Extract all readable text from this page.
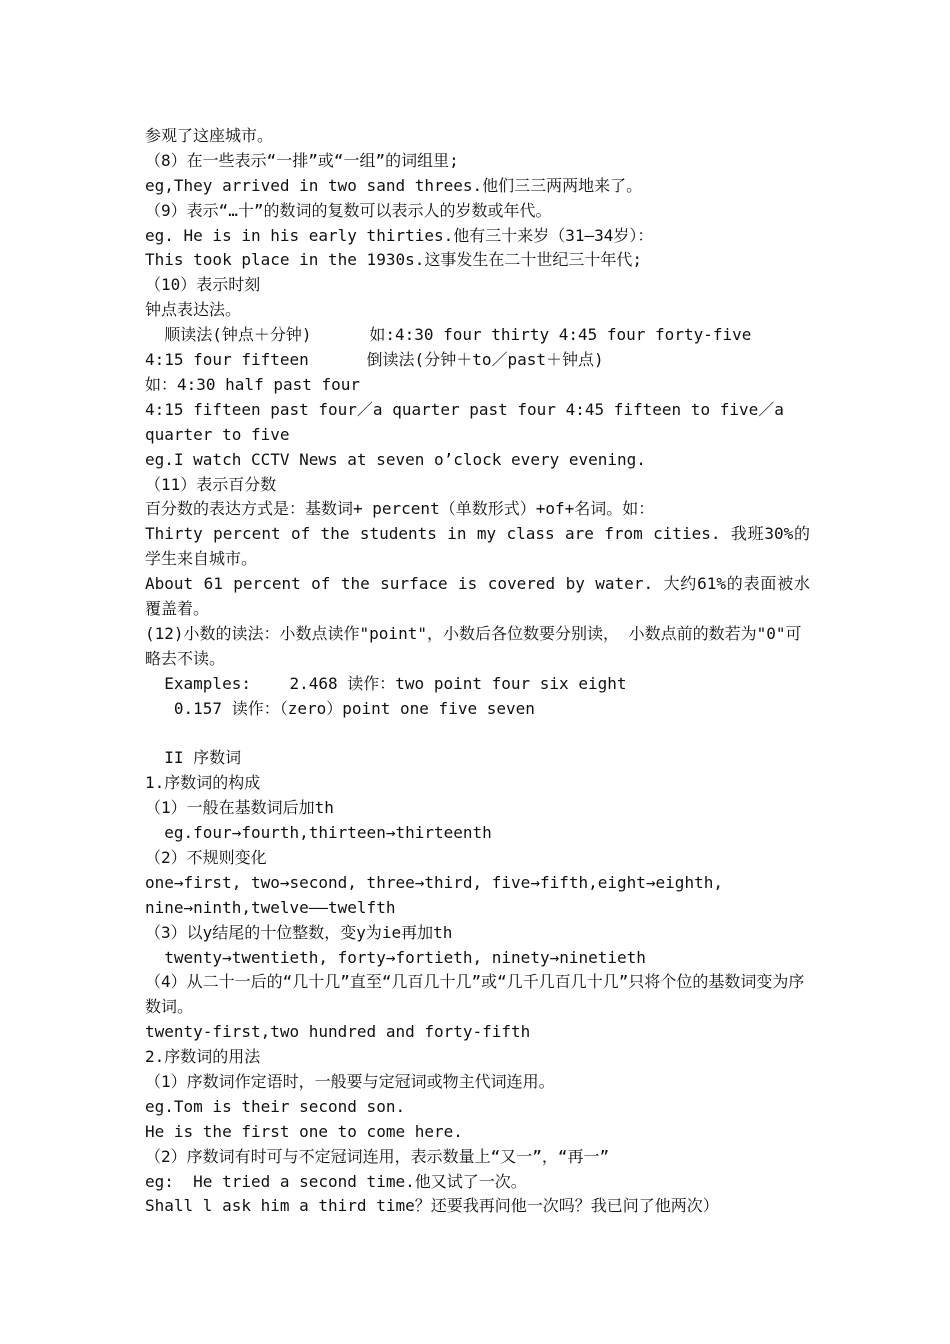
参观了这座城市。
（8）在一些表示“一排”或“一组”的词组里;
eg,They arrived in two sand threes.他们三三两两地来了。
（9）表示“…十”的数词的复数可以表示人的岁数或年代。
eg. He is in his early thirties.他有三十来岁（31—34岁）：
This took place in the 1930s.这事发生在二十世纪三十年代;
（10）表示时刻
钟点表达法。
顺读法(钟点＋分钟)      如:4:30 four thirty 4:45 four forty-five
4:15 four fifteen      倒读法(分钟＋to／past＋钟点)
如：4:30 half past four
4:15 fifteen past four／a quarter past four 4:45 fifteen to five／a quarter to five
eg.I watch CCTV News at seven o’clock every evening.
（11）表示百分数
百分数的表达方式是：基数词+ percent（单数形式）+of+名词。如：
Thirty percent of the students in my class are from cities. 我班30%的学生来自城市。
About 61 percent of the surface is covered by water. 大约61%的表面被水覆盖着。
(12)小数的读法：小数点读作"point"，小数后各位数要分别读， 小数点前的数若为"0"可略去不读。
Examples:    2.468 读作：two point four six eight
0.157 读作：（zero）point one five seven
II 序数词
1.序数词的构成
（1）一般在基数词后加th
eg.four→fourth,thirteen→thirteenth
（2）不规则变化
one→first, two→second, three→third, five→fifth,eight→eighth, nine→ninth,twelve——twelfth
（3）以y结尾的十位整数，变y为ie再加th
twenty→twentieth, forty→fortieth, ninety→ninetieth
（4）从二十一后的“几十几”直至“几百几十几”或“几千几百几十几”只将个位的基数词变为序数词。
twenty-first,two hundred and forty-fifth
2.序数词的用法
（1）序数词作定语时，一般要与定冠词或物主代词连用。
eg.Tom is their second son.
He is the first one to come here.
（2）序数词有时可与不定冠词连用，表示数量上“又一”，“再一”
eg:  He tried a second time.他又试了一次。
Shall l ask him a third time？还要我再问他一次吗？我已问了他两次）
